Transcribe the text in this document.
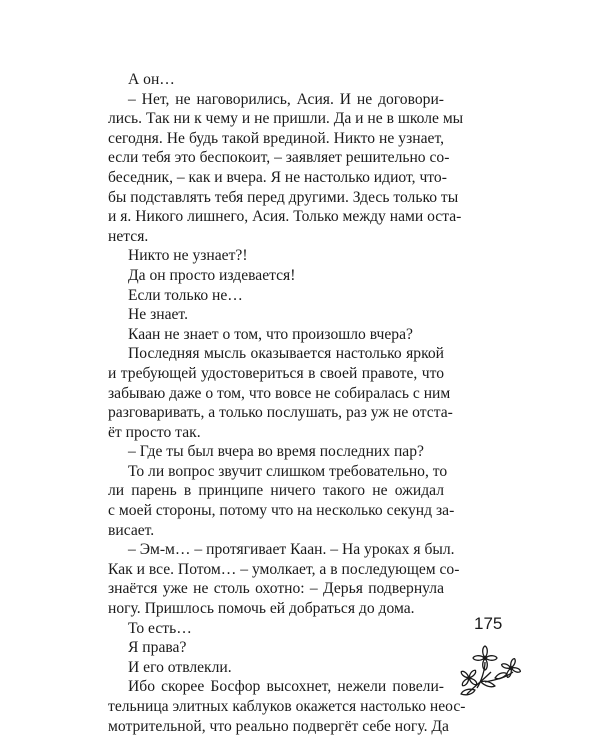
А он…

– Нет, не наговорились, Асия. И не договори-

лись. Так ни к чему и не пришли. Да и не в школе мы

сегодня. Не будь такой врединой. Никто не узнает,

если тебя это беспокоит, – заявляет решительно со-

беседник, – как и вчера. Я не настолько идиот, что-

бы подставлять тебя перед другими. Здесь только ты

и я. Никого лишнего, Асия. Только между нами оста-

нется.

Никто не узнает?!

Да он просто издевается!

Если только не…

Не знает.

Каан не знает о том, что произошло вчера?

Последняя мысль оказывается настолько яркой

и требующей удостовериться в своей правоте, что

забываю даже о том, что вовсе не собиралась с ним

разговаривать, а только послушать, раз уж не отста-

ёт просто так.

– Где ты был вчера во время последних пар?

То ли вопрос звучит слишком требовательно, то

ли парень в принципе ничего такого не ожидал

с моей стороны, потому что на несколько секунд за-

висает.

– Эм-м… – протягивает Каан. – На уроках я был.

Как и все. Потом… – умолкает, а в последующем со-

знаётся уже не столь охотно: – Дерья подвернула

ногу. Пришлось помочь ей добраться до дома.

То есть…

Я права?

И его отвлекли.

Ибо скорее Босфор высохнет, нежели повели-

тельница элитных каблуков окажется настолько неос-

мотрительной, что реально подверг​ёт себе ногу. Да

175
